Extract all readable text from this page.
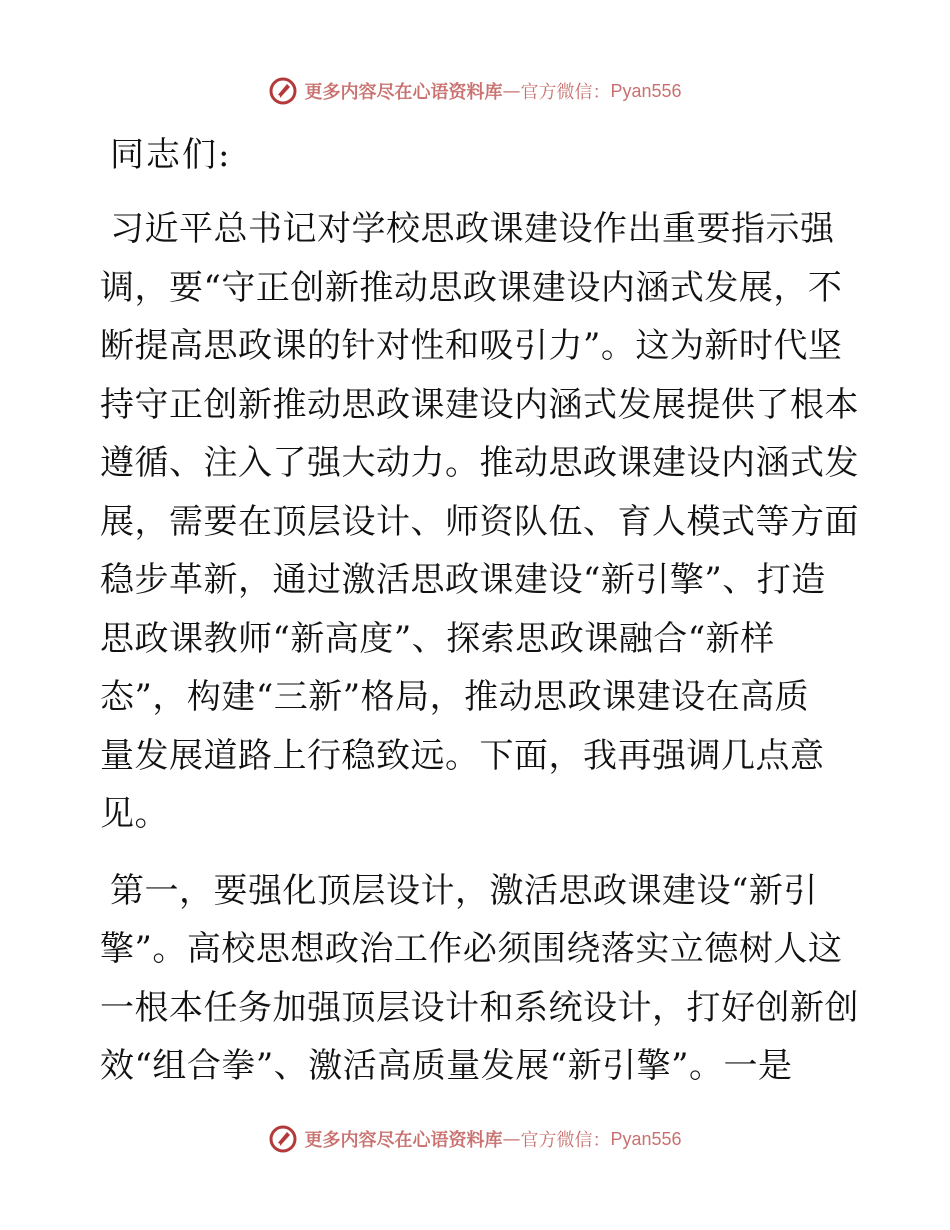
更多内容尽在心语资料库 — 官方微信： Pyan556
同志们:
习近平总书记对学校思政课建设作出重要指示强
调，要“守正创新推动思政课建设内涵式发展，不
断提高思政课的针对性和吸引力”。这为新时代坚
持守正创新推动思政课建设内涵式发展提供了根本
遵循、注入了强大动力。推动思政课建设内涵式发
展，需要在顶层设计、师资队伍、育人模式等方面
稳步革新，通过激活思政课建设“新引擎”、打造
思政课教师“新高度”、探索思政课融合“新样
态”，构建“三新”格局，推动思政课建设在高质
量发展道路上行稳致远。下面，我再强调几点意
见。
第一，要强化顶层设计，激活思政课建设“新引
擎”。高校思想政治工作必须围绕落实立德树人这
一根本任务加强顶层设计和系统设计，打好创新创
效“组合拳”、激活高质量发展“新引擎”。一是
更多内容尽在心语资料库 — 官方微信： Pyan556
